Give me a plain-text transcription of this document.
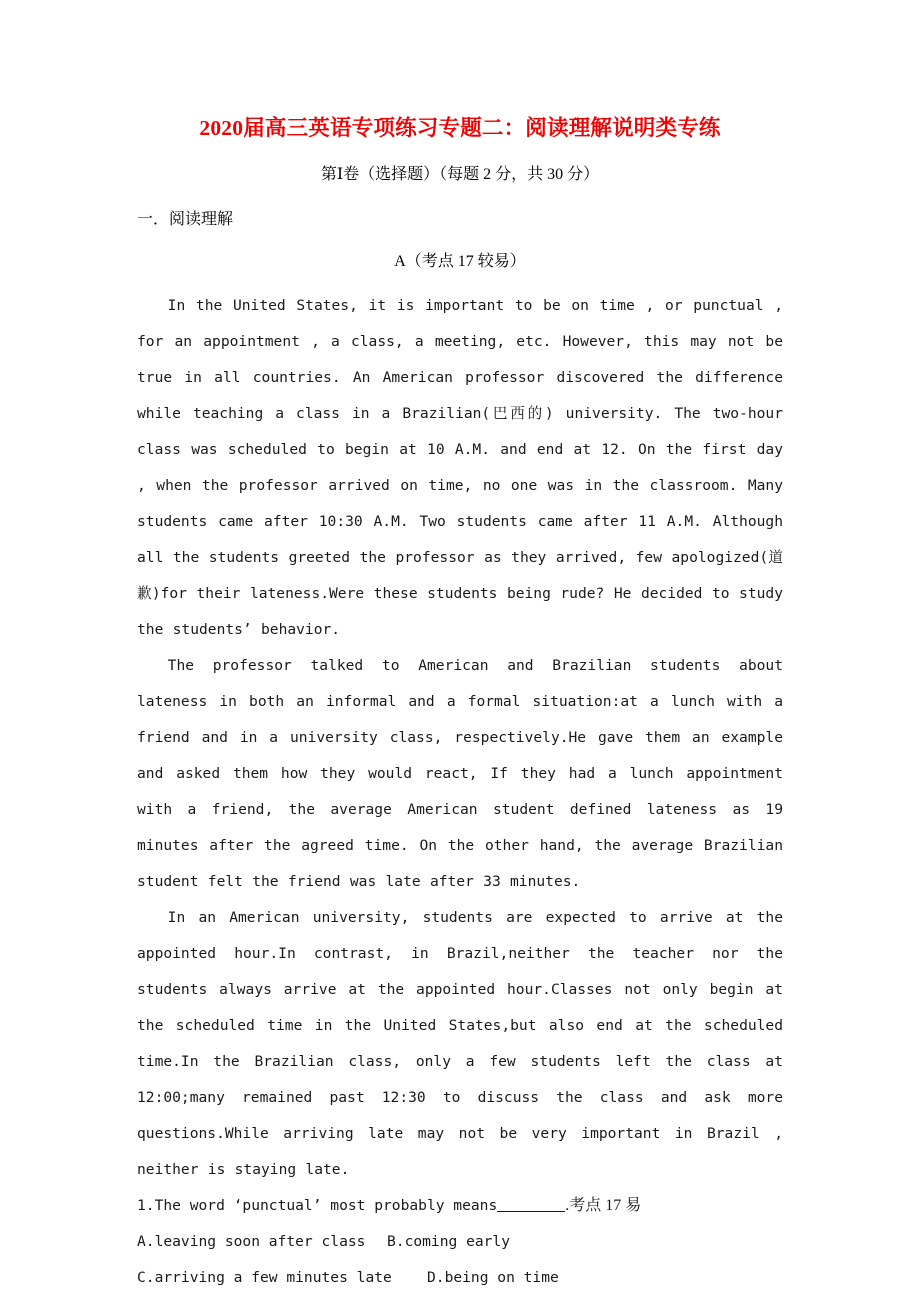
2020届高三英语专项练习专题二：阅读理解说明类专练

第Ⅰ卷（选择题）（每题 2 分，共 30 分）

一．阅读理解

A（考点 17 较易）

In the United States, it is important to be on time , or punctual , for an appointment , a class, a meeting, etc. However, this may not be true in all countries. An American professor discovered the difference while teaching a class in a Brazilian(巴西的) university. The two-hour class was scheduled to begin at 10 A.M. and end at 12. On the first day , when the professor arrived on time, no one was in the classroom. Many students came after 10:30 A.M. Two students came after 11 A.M. Although all the students greeted the professor as they arrived, few apologized(道歉)for their lateness.Were these students being rude? He decided to study the students’ behavior.

The professor talked to American and Brazilian students about lateness in both an informal and a formal situation:at a lunch with a friend and in a university class, respectively.He gave them an example and asked them how they would react, If they had a lunch appointment with a friend, the average American student defined lateness as 19 minutes after the agreed time. On the other hand, the average Brazilian student felt the friend was late after 33 minutes.

In an American university, students are expected to arrive at the appointed hour.In contrast, in Brazil,neither the teacher nor the students always arrive at the appointed hour.Classes not only begin at the scheduled time in the United States,but also end at the scheduled time.In the Brazilian class, only a few students left the class at 12:00;many remained past 12:30 to discuss the class and ask more questions.While arriving late may not be very important in Brazil , neither is staying late.

1.The word ‘punctual’ most probably means	.考点 17 易

A.leaving soon after class B.coming early

C.arriving a few minutes late D.being on time
